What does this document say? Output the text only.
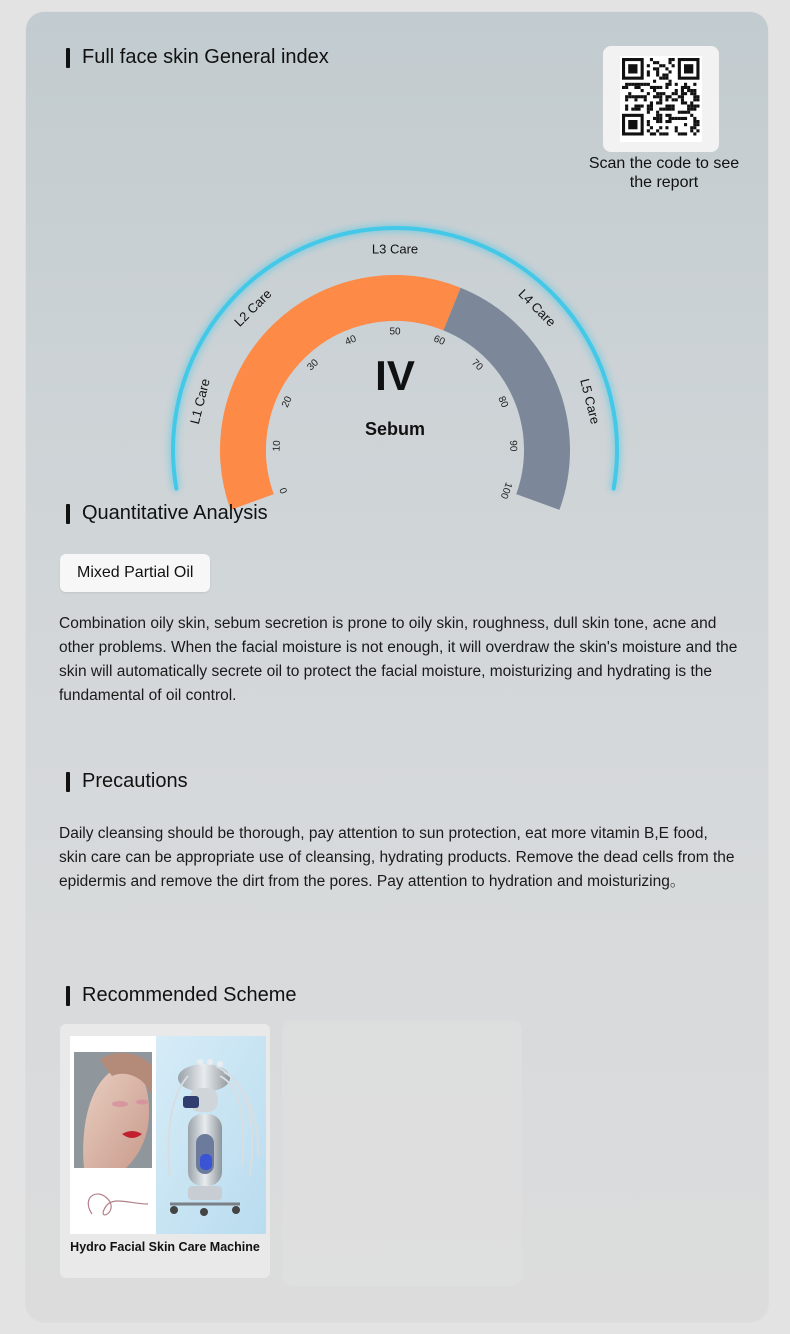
Full face skin General index
Scan the code to see the report
L1 Care
L2 Care
L3 Care
L4 Care
L5 Care
0
10
20
30
40
50
60
70
80
90
100
IV
Sebum
Quantitative Analysis
Mixed Partial Oil
Combination oily skin, sebum secretion is prone to oily skin, roughness, dull skin tone, acne and other problems. When the facial moisture is not enough, it will overdraw the skin's moisture and the skin will automatically secrete oil to protect the facial moisture, moisturizing and hydrating is the fundamental of oil control.
Precautions
Daily cleansing should be thorough, pay attention to sun protection, eat more vitamin B,E food, skin care can be appropriate use of cleansing, hydrating products. Remove the dead cells from the epidermis and remove the dirt from the pores. Pay attention to hydration and moisturizing。
Recommended Scheme
Hydro Facial Skin Care Machine
